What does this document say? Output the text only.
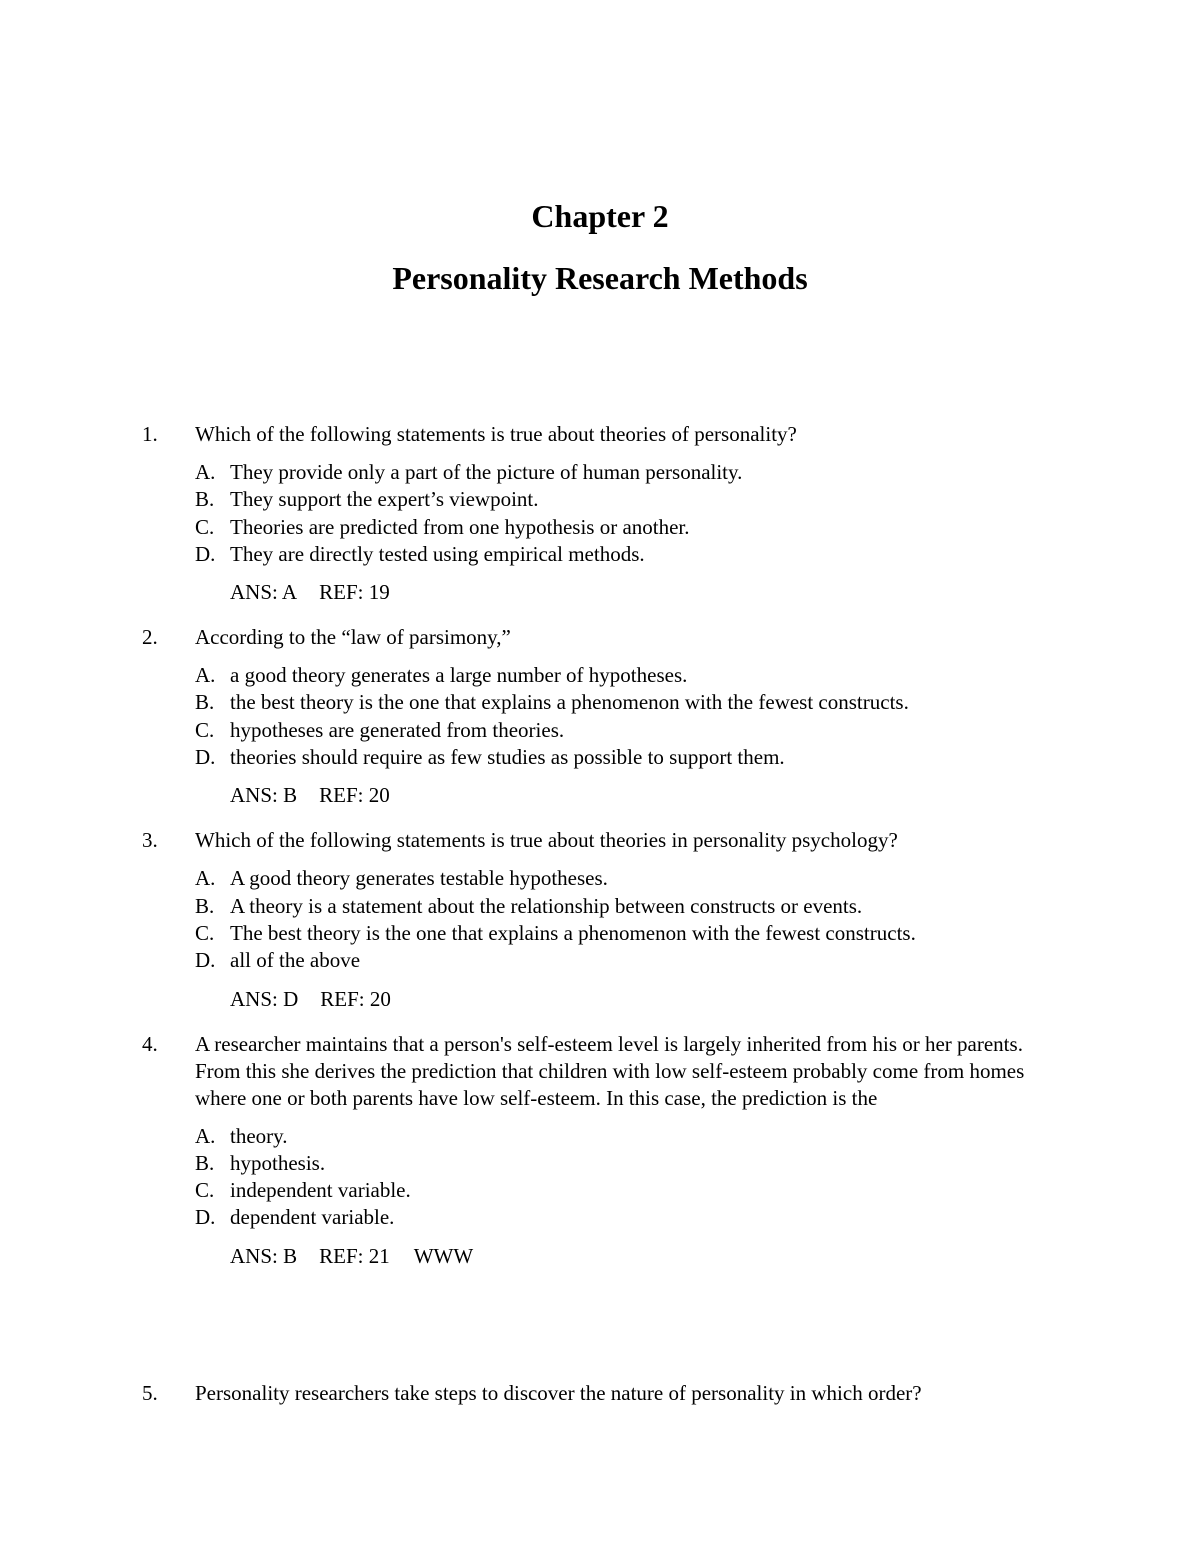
Chapter 2
Personality Research Methods
1.	Which of the following statements is true about theories of personality?
A. They provide only a part of the picture of human personality.
B. They support the expert’s viewpoint.
C. Theories are predicted from one hypothesis or another.
D. They are directly tested using empirical methods.
ANS: A REF: 19
2.	According to the “law of parsimony,”
A. a good theory generates a large number of hypotheses.
B. the best theory is the one that explains a phenomenon with the fewest constructs.
C. hypotheses are generated from theories.
D. theories should require as few studies as possible to support them.
ANS: B REF: 20
3.	Which of the following statements is true about theories in personality psychology?
A. A good theory generates testable hypotheses.
B. A theory is a statement about the relationship between constructs or events.
C. The best theory is the one that explains a phenomenon with the fewest constructs.
D. all of the above
ANS: D REF: 20
4.	A researcher maintains that a person's self-esteem level is largely inherited from his or her parents. From this she derives the prediction that children with low self-esteem probably come from homes where one or both parents have low self-esteem. In this case, the prediction is the
A. theory.
B. hypothesis.
C. independent variable.
D. dependent variable.
ANS: B REF: 21 WWW
5.	Personality researchers take steps to discover the nature of personality in which order?
